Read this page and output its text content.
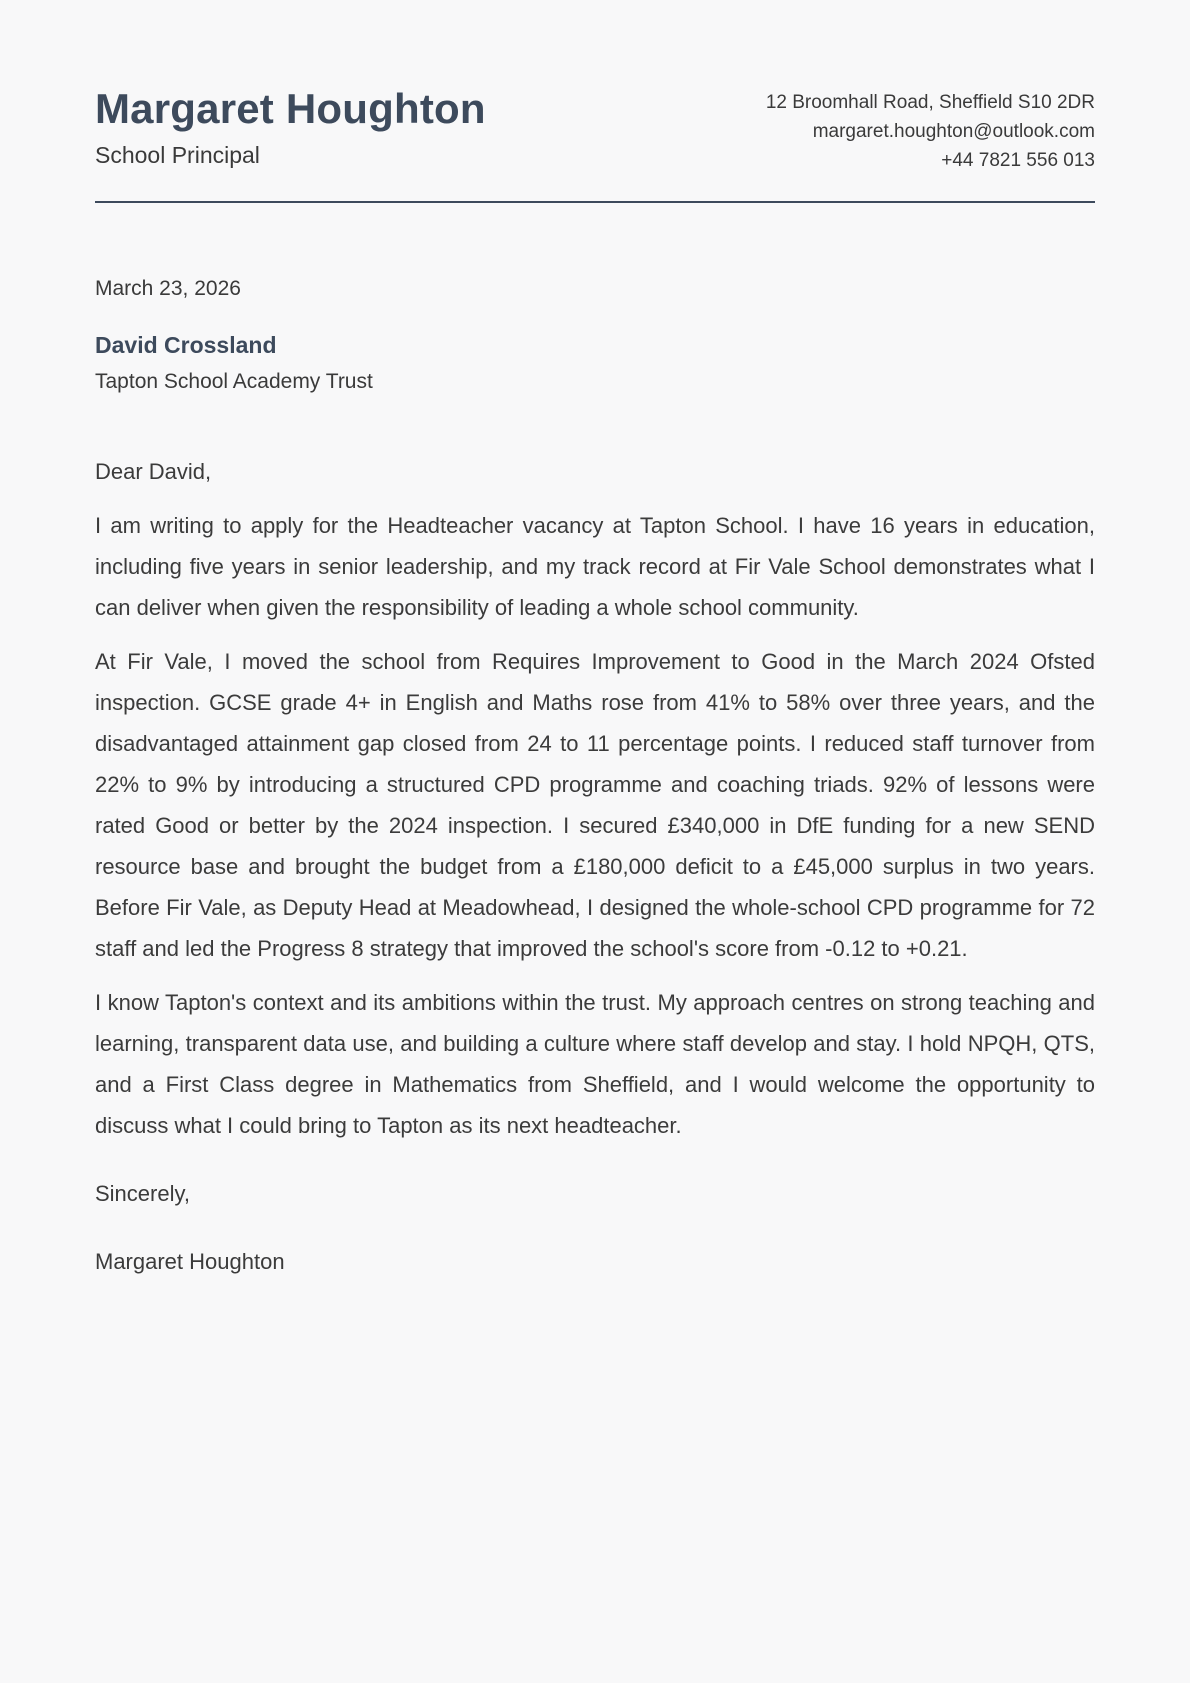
Margaret Houghton
School Principal
12 Broomhall Road, Sheffield S10 2DR
margaret.houghton@outlook.com
+44 7821 556 013
March 23, 2026
David Crossland
Tapton School Academy Trust

Dear David,

I am writing to apply for the Headteacher vacancy at Tapton School. I have 16 years in education, including five years in senior leadership, and my track record at Fir Vale School demonstrates what I can deliver when given the responsibility of leading a whole school community.

At Fir Vale, I moved the school from Requires Improvement to Good in the March 2024 Ofsted inspection. GCSE grade 4+ in English and Maths rose from 41% to 58% over three years, and the disadvantaged attainment gap closed from 24 to 11 percentage points. I reduced staff turnover from 22% to 9% by introducing a structured CPD programme and coaching triads. 92% of lessons were rated Good or better by the 2024 inspection. I secured £340,000 in DfE funding for a new SEND resource base and brought the budget from a £180,000 deficit to a £45,000 surplus in two years. Before Fir Vale, as Deputy Head at Meadowhead, I designed the whole-school CPD programme for 72 staff and led the Progress 8 strategy that improved the school's score from -0.12 to +0.21.

I know Tapton's context and its ambitions within the trust. My approach centres on strong teaching and learning, transparent data use, and building a culture where staff develop and stay. I hold NPQH, QTS, and a First Class degree in Mathematics from Sheffield, and I would welcome the opportunity to discuss what I could bring to Tapton as its next headteacher.

Sincerely,

Margaret Houghton
